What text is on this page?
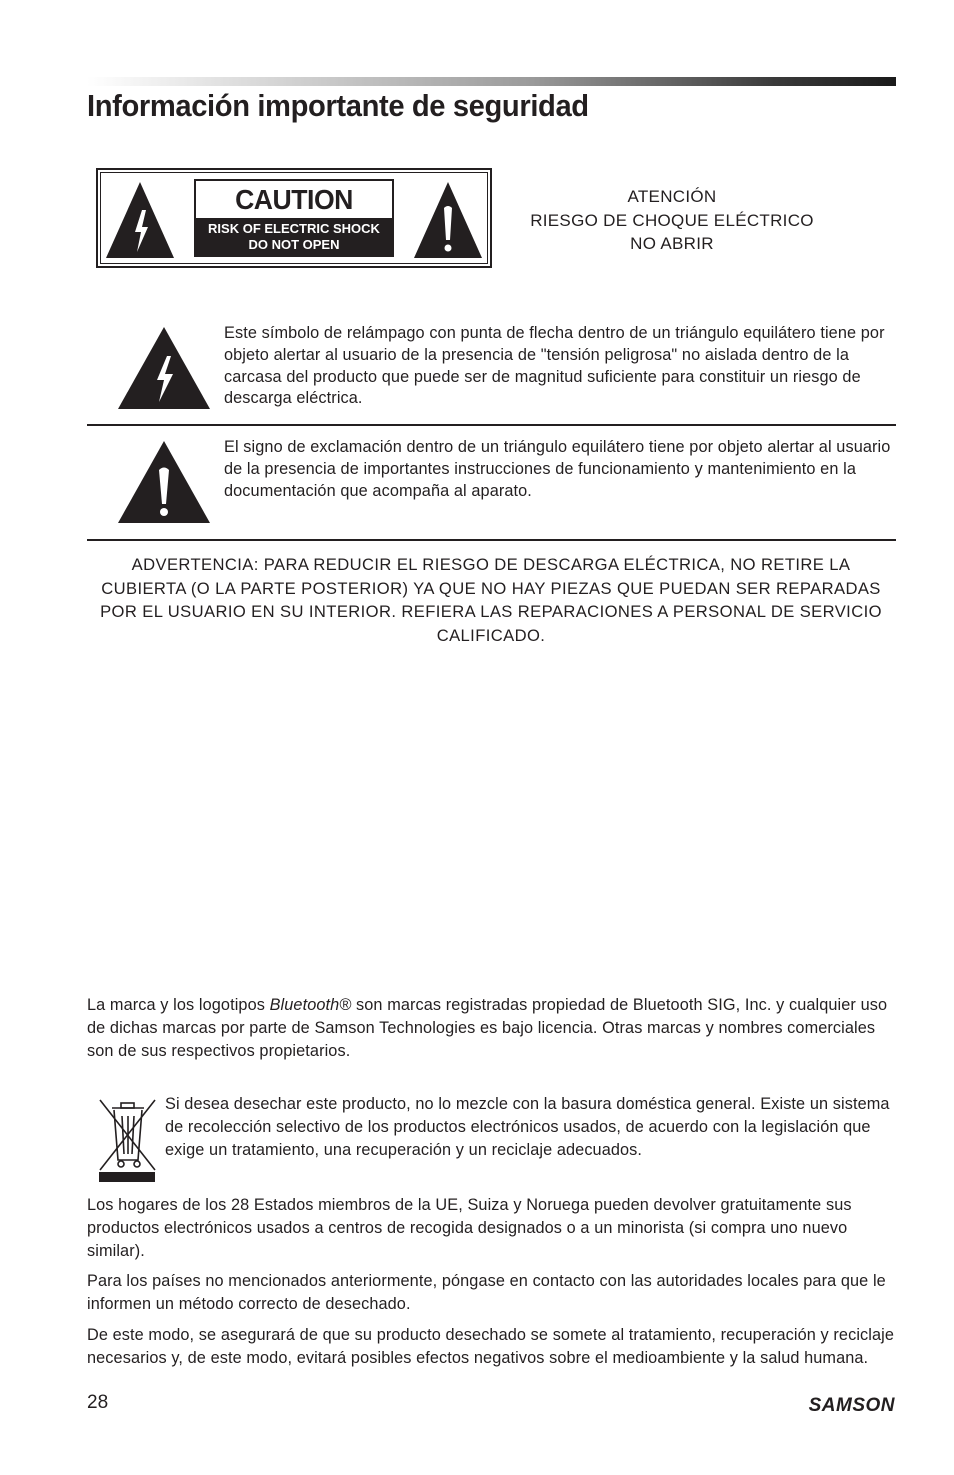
Información importante de seguridad
CAUTION
RISK OF ELECTRIC SHOCK
DO NOT OPEN
ATENCIÓN
RIESGO DE CHOQUE ELÉCTRICO
NO ABRIR
Este símbolo de relámpago con punta de flecha dentro de un triángulo equilátero tiene por objeto alertar al usuario de la presencia de "tensión peligrosa" no aislada dentro de la carcasa del producto que puede ser de magnitud suficiente para constituir un riesgo de descarga eléctrica.
El signo de exclamación dentro de un triángulo equilátero tiene por objeto alertar al usuario de la presencia de importantes instrucciones de funcionamiento y mantenimiento en la documentación que acompaña al aparato.
ADVERTENCIA: PARA REDUCIR EL RIESGO DE DESCARGA ELÉCTRICA, NO RETIRE LA CUBIERTA (O LA PARTE POSTERIOR) YA QUE NO HAY PIEZAS QUE PUEDAN SER REPARADAS POR EL USUARIO EN SU INTERIOR. REFIERA LAS REPARACIONES A PERSONAL DE SERVICIO CALIFICADO.

La marca y los logotipos Bluetooth® son marcas registradas propiedad de Bluetooth SIG, Inc. y cualquier uso de dichas marcas por parte de Samson Technologies es bajo licencia. Otras marcas y nombres comerciales son de sus respectivos propietarios.

Si desea desechar este producto, no lo mezcle con la basura doméstica general. Existe un sistema de recolección selectivo de los productos electrónicos usados, de acuerdo con la legislación que exige un tratamiento, una recuperación y un reciclaje adecuados.

Los hogares de los 28 Estados miembros de la UE, Suiza y Noruega pueden devolver gratuitamente sus productos electrónicos usados a centros de recogida designados o a un minorista (si compra uno nuevo similar).

Para los países no mencionados anteriormente, póngase en contacto con las autoridades locales para que le informen un método correcto de desechado.

De este modo, se asegurará de que su producto desechado se somete al tratamiento, recuperación y reciclaje necesarios y, de este modo, evitará posibles efectos negativos sobre el medioambiente y la salud humana.

28	SAMSON
